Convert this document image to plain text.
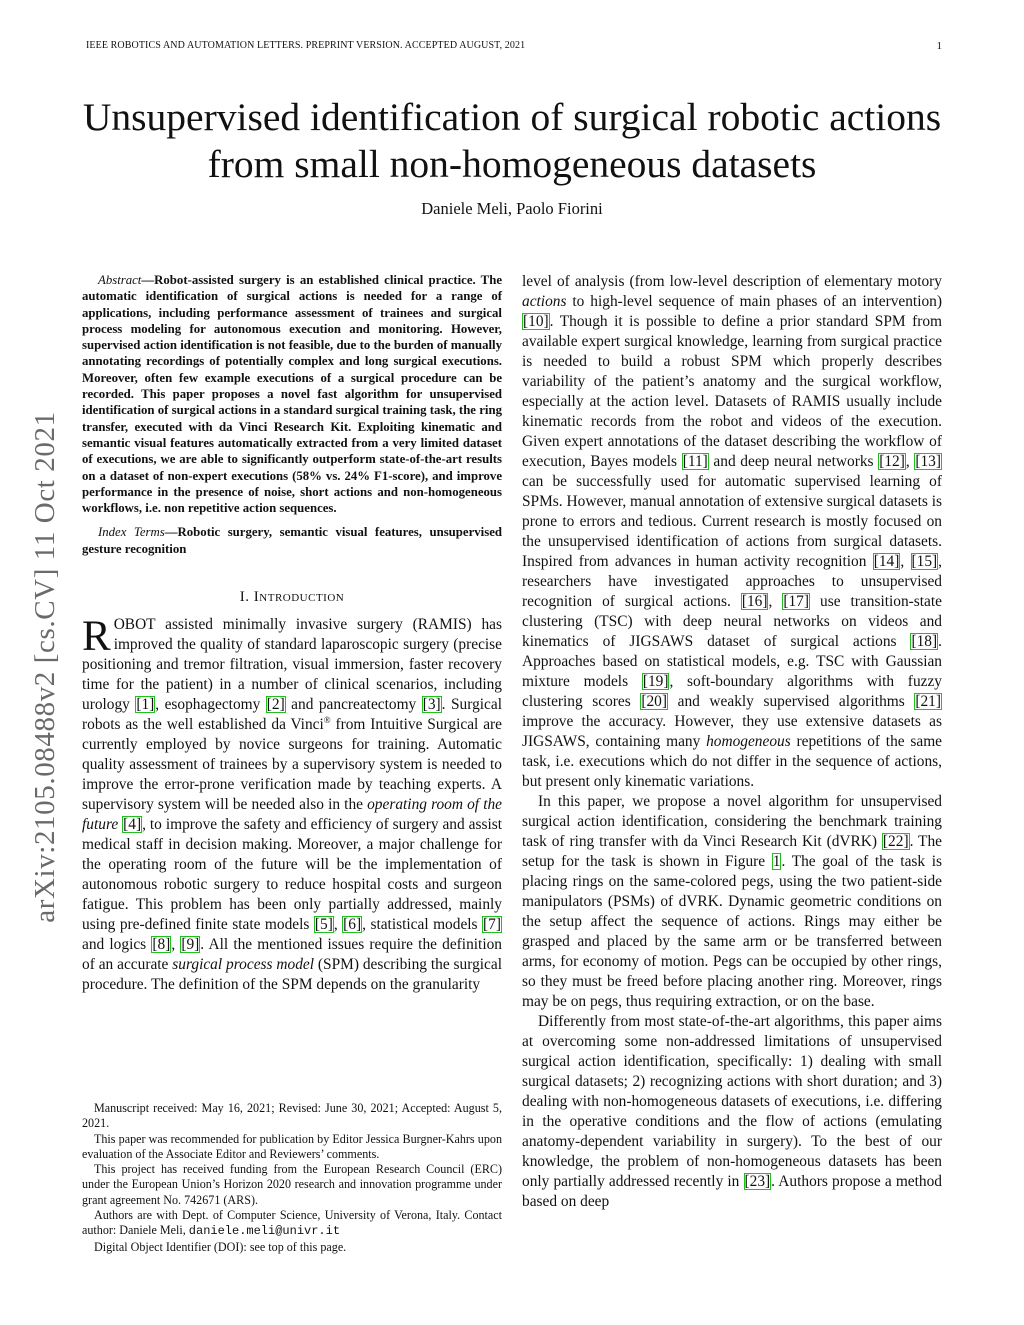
IEEE ROBOTICS AND AUTOMATION LETTERS. PREPRINT VERSION. ACCEPTED AUGUST, 2021	1
arXiv:2105.08488v2 [cs.CV] 11 Oct 2021
Unsupervised identification of surgical robotic actions from small non-homogeneous datasets
Daniele Meli, Paolo Fiorini

Abstract—Robot-assisted surgery is an established clinical practice. The automatic identification of surgical actions is needed for a range of applications, including performance assessment of trainees and surgical process modeling for autonomous execution and monitoring. However, supervised action identification is not feasible, due to the burden of manually annotating recordings of potentially complex and long surgical executions. Moreover, often few example executions of a surgical procedure can be recorded. This paper proposes a novel fast algorithm for unsupervised identification of surgical actions in a standard surgical training task, the ring transfer, executed with da Vinci Research Kit. Exploiting kinematic and semantic visual features automatically extracted from a very limited dataset of executions, we are able to significantly outperform state-of-the-art results on a dataset of non-expert executions (58% vs. 24% F1-score), and improve performance in the presence of noise, short actions and non-homogeneous workflows, i.e. non repetitive action sequences.

Index Terms—Robotic surgery, semantic visual features, unsupervised gesture recognition

I. Introduction

ROBOT assisted minimally invasive surgery (RAMIS) has improved the quality of standard laparoscopic surgery (precise positioning and tremor filtration, visual immersion, faster recovery time for the patient) in a number of clinical scenarios, including urology [1], esophagectomy [2] and pancreatectomy [3]. Surgical robots as the well established da Vinci® from Intuitive Surgical are currently employed by novice surgeons for training. Automatic quality assessment of trainees by a supervisory system is needed to improve the error-prone verification made by teaching experts. A supervisory system will be needed also in the operating room of the future [4], to improve the safety and efficiency of surgery and assist medical staff in decision making. Moreover, a major challenge for the operating room of the future will be the implementation of autonomous robotic surgery to reduce hospital costs and surgeon fatigue. This problem has been only partially addressed, mainly using pre-defined finite state models [5], [6], statistical models [7] and logics [8], [9]. All the mentioned issues require the definition of an accurate surgical process model (SPM) describing the surgical procedure. The definition of the SPM depends on the granularity

Manuscript received: May 16, 2021; Revised: June 30, 2021; Accepted: August 5, 2021.

This paper was recommended for publication by Editor Jessica Burgner-Kahrs upon evaluation of the Associate Editor and Reviewers’ comments.

This project has received funding from the European Research Council (ERC) under the European Union’s Horizon 2020 research and innovation programme under grant agreement No. 742671 (ARS).

Authors are with Dept. of Computer Science, University of Verona, Italy. Contact author: Daniele Meli, daniele.meli@univr.it

Digital Object Identifier (DOI): see top of this page.

level of analysis (from low-level description of elementary motory actions to high-level sequence of main phases of an intervention) [10]. Though it is possible to define a prior standard SPM from available expert surgical knowledge, learning from surgical practice is needed to build a robust SPM which properly describes variability of the patient’s anatomy and the surgical workflow, especially at the action level. Datasets of RAMIS usually include kinematic records from the robot and videos of the execution. Given expert annotations of the dataset describing the workflow of execution, Bayes models [11] and deep neural networks [12], [13] can be successfully used for automatic supervised learning of SPMs. However, manual annotation of extensive surgical datasets is prone to errors and tedious. Current research is mostly focused on the unsupervised identification of actions from surgical datasets. Inspired from advances in human activity recognition [14], [15], researchers have investigated approaches to unsupervised recognition of surgical actions. [16], [17] use transition-state clustering (TSC) with deep neural networks on videos and kinematics of JIGSAWS dataset of surgical actions [18]. Approaches based on statistical models, e.g. TSC with Gaussian mixture models [19], soft-boundary algorithms with fuzzy clustering scores [20] and weakly supervised algorithms [21] improve the accuracy. However, they use extensive datasets as JIGSAWS, containing many homogeneous repetitions of the same task, i.e. executions which do not differ in the sequence of actions, but present only kinematic variations.

In this paper, we propose a novel algorithm for unsupervised surgical action identification, considering the benchmark training task of ring transfer with da Vinci Research Kit (dVRK) [22]. The setup for the task is shown in Figure 1. The goal of the task is placing rings on the same-colored pegs, using the two patient-side manipulators (PSMs) of dVRK. Dynamic geometric conditions on the setup affect the sequence of actions. Rings may either be grasped and placed by the same arm or be transferred between arms, for economy of motion. Pegs can be occupied by other rings, so they must be freed before placing another ring. Moreover, rings may be on pegs, thus requiring extraction, or on the base.

Differently from most state-of-the-art algorithms, this paper aims at overcoming some non-addressed limitations of unsupervised surgical action identification, specifically: 1) dealing with small surgical datasets; 2) recognizing actions with short duration; and 3) dealing with non-homogeneous datasets of executions, i.e. differing in the operative conditions and the flow of actions (emulating anatomy-dependent variability in surgery). To the best of our knowledge, the problem of non-homogeneous datasets has been only partially addressed recently in [23]. Authors propose a method based on deep
